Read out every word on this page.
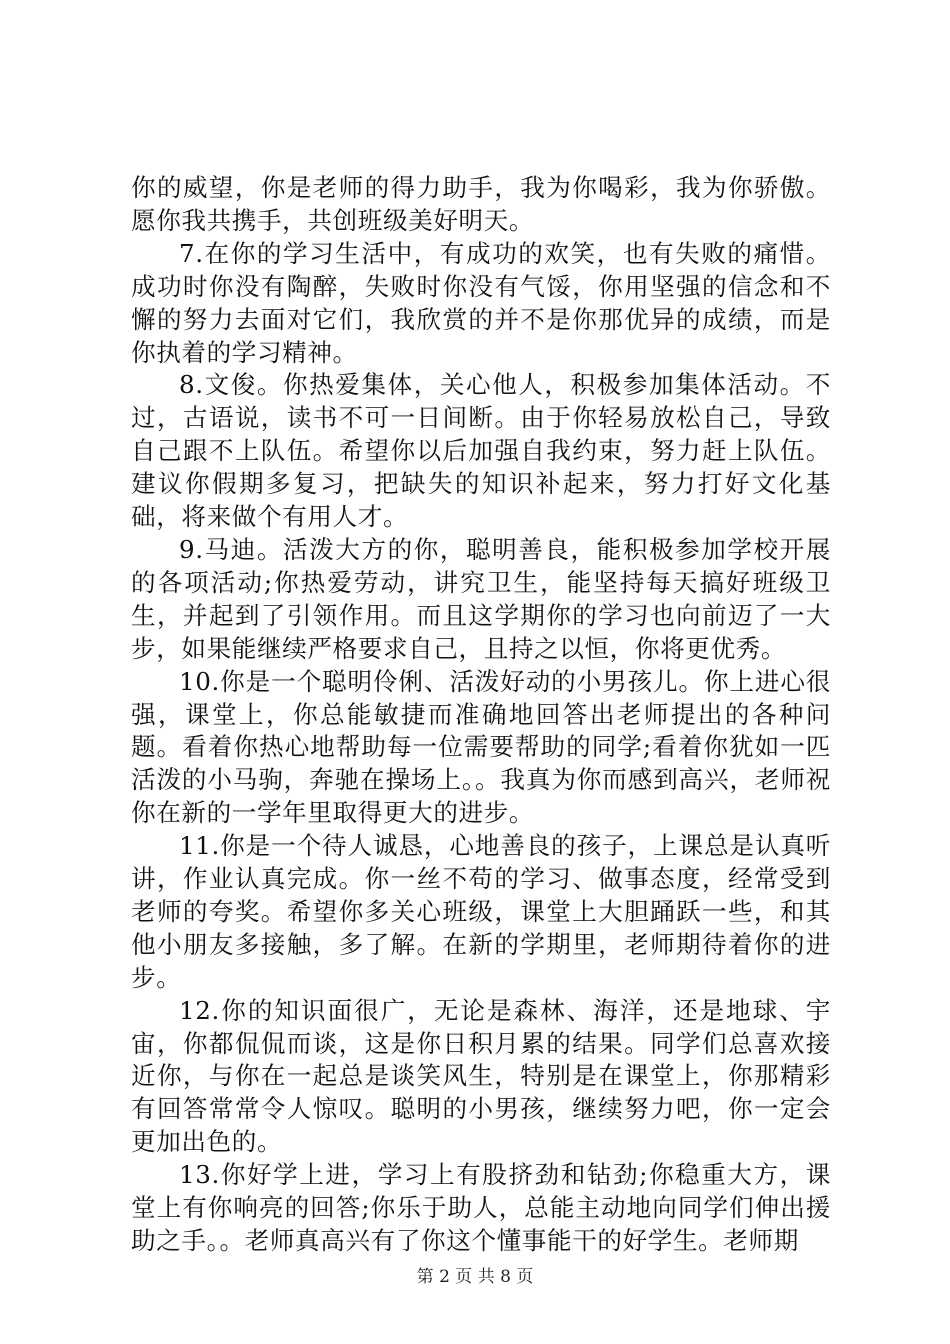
你的威望，你是老师的得力助手，我为你喝彩，我为你骄傲。愿你我共携手，共创班级美好明天。

7.在你的学习生活中，有成功的欢笑，也有失败的痛惜。成功时你没有陶醉，失败时你没有气馁，你用坚强的信念和不懈的努力去面对它们，我欣赏的并不是你那优异的成绩，而是你执着的学习精神。

8.文俊。你热爱集体，关心他人，积极参加集体活动。不过，古语说，读书不可一日间断。由于你轻易放松自己，导致自己跟不上队伍。希望你以后加强自我约束，努力赶上队伍。建议你假期多复习，把缺失的知识补起来，努力打好文化基础，将来做个有用人才。

9.马迪。活泼大方的你，聪明善良，能积极参加学校开展的各项活动;你热爱劳动，讲究卫生，能坚持每天搞好班级卫生，并起到了引领作用。而且这学期你的学习也向前迈了一大步，如果能继续严格要求自己，且持之以恒，你将更优秀。

10.你是一个聪明伶俐、活泼好动的小男孩儿。你上进心很强，课堂上，你总能敏捷而准确地回答出老师提出的各种问题。看着你热心地帮助每一位需要帮助的同学;看着你犹如一匹活泼的小马驹，奔驰在操场上。。我真为你而感到高兴，老师祝你在新的一学年里取得更大的进步。

11.你是一个待人诚恳，心地善良的孩子，上课总是认真听讲，作业认真完成。你一丝不苟的学习、做事态度，经常受到老师的夸奖。希望你多关心班级，课堂上大胆踊跃一些，和其他小朋友多接触，多了解。在新的学期里，老师期待着你的进步。

12.你的知识面很广，无论是森林、海洋，还是地球、宇宙，你都侃侃而谈，这是你日积月累的结果。同学们总喜欢接近你，与你在一起总是谈笑风生，特别是在课堂上，你那精彩有回答常常令人惊叹。聪明的小男孩，继续努力吧，你一定会更加出色的。

13.你好学上进，学习上有股挤劲和钻劲;你稳重大方，课堂上有你响亮的回答;你乐于助人，总能主动地向同学们伸出援助之手。。老师真高兴有了你这个懂事能干的好学生。老师期

第 2 页 共 8 页
